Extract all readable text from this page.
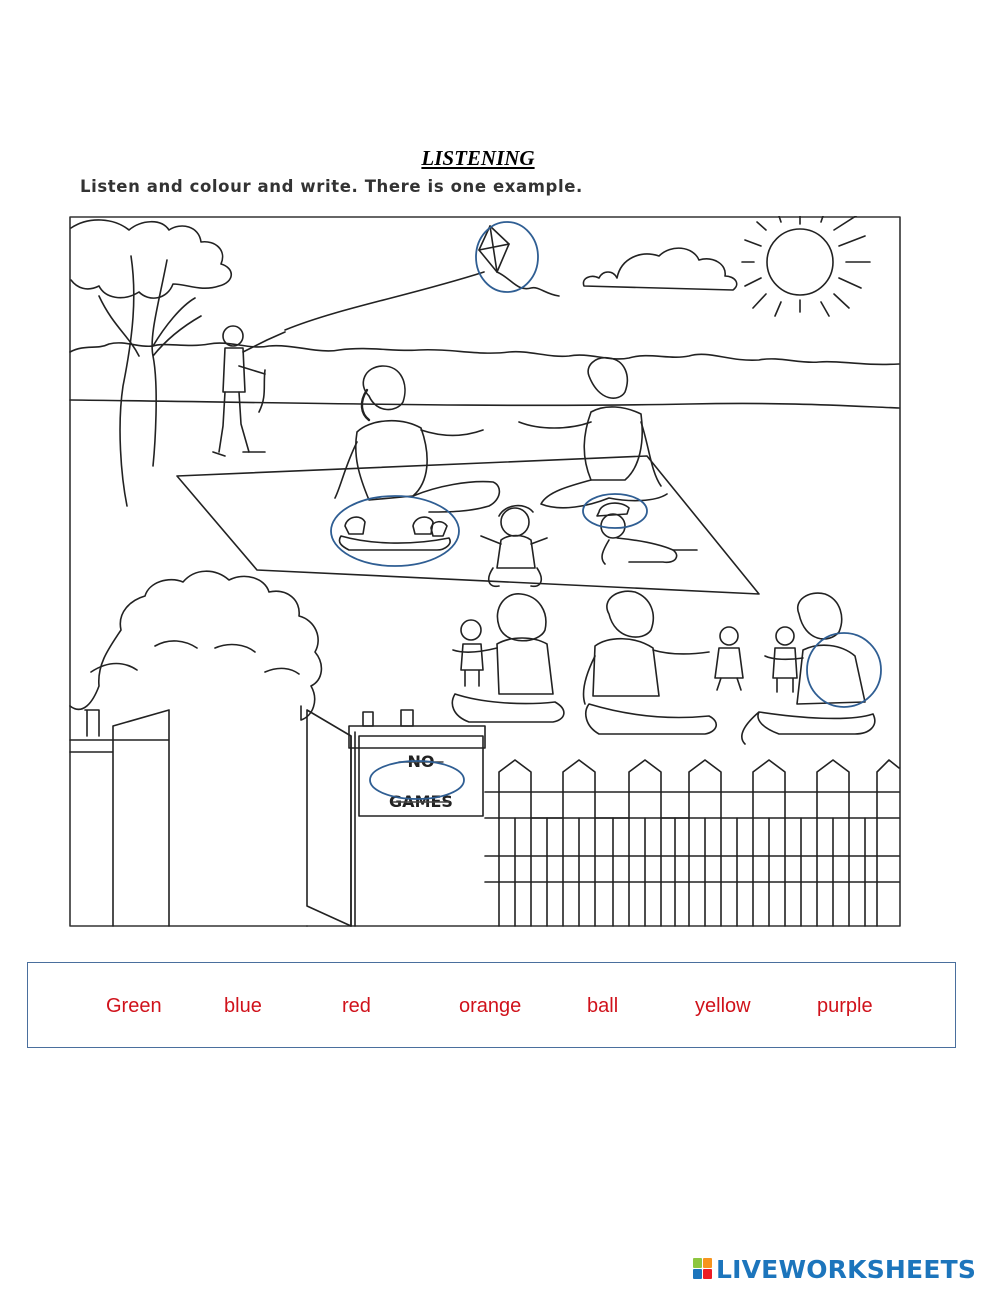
LISTENING
Listen and colour and write. There is one example.
NO
GAMES
Green	blue	red	orange	ball	yellow	purple
LIVEWORKSHEETS
